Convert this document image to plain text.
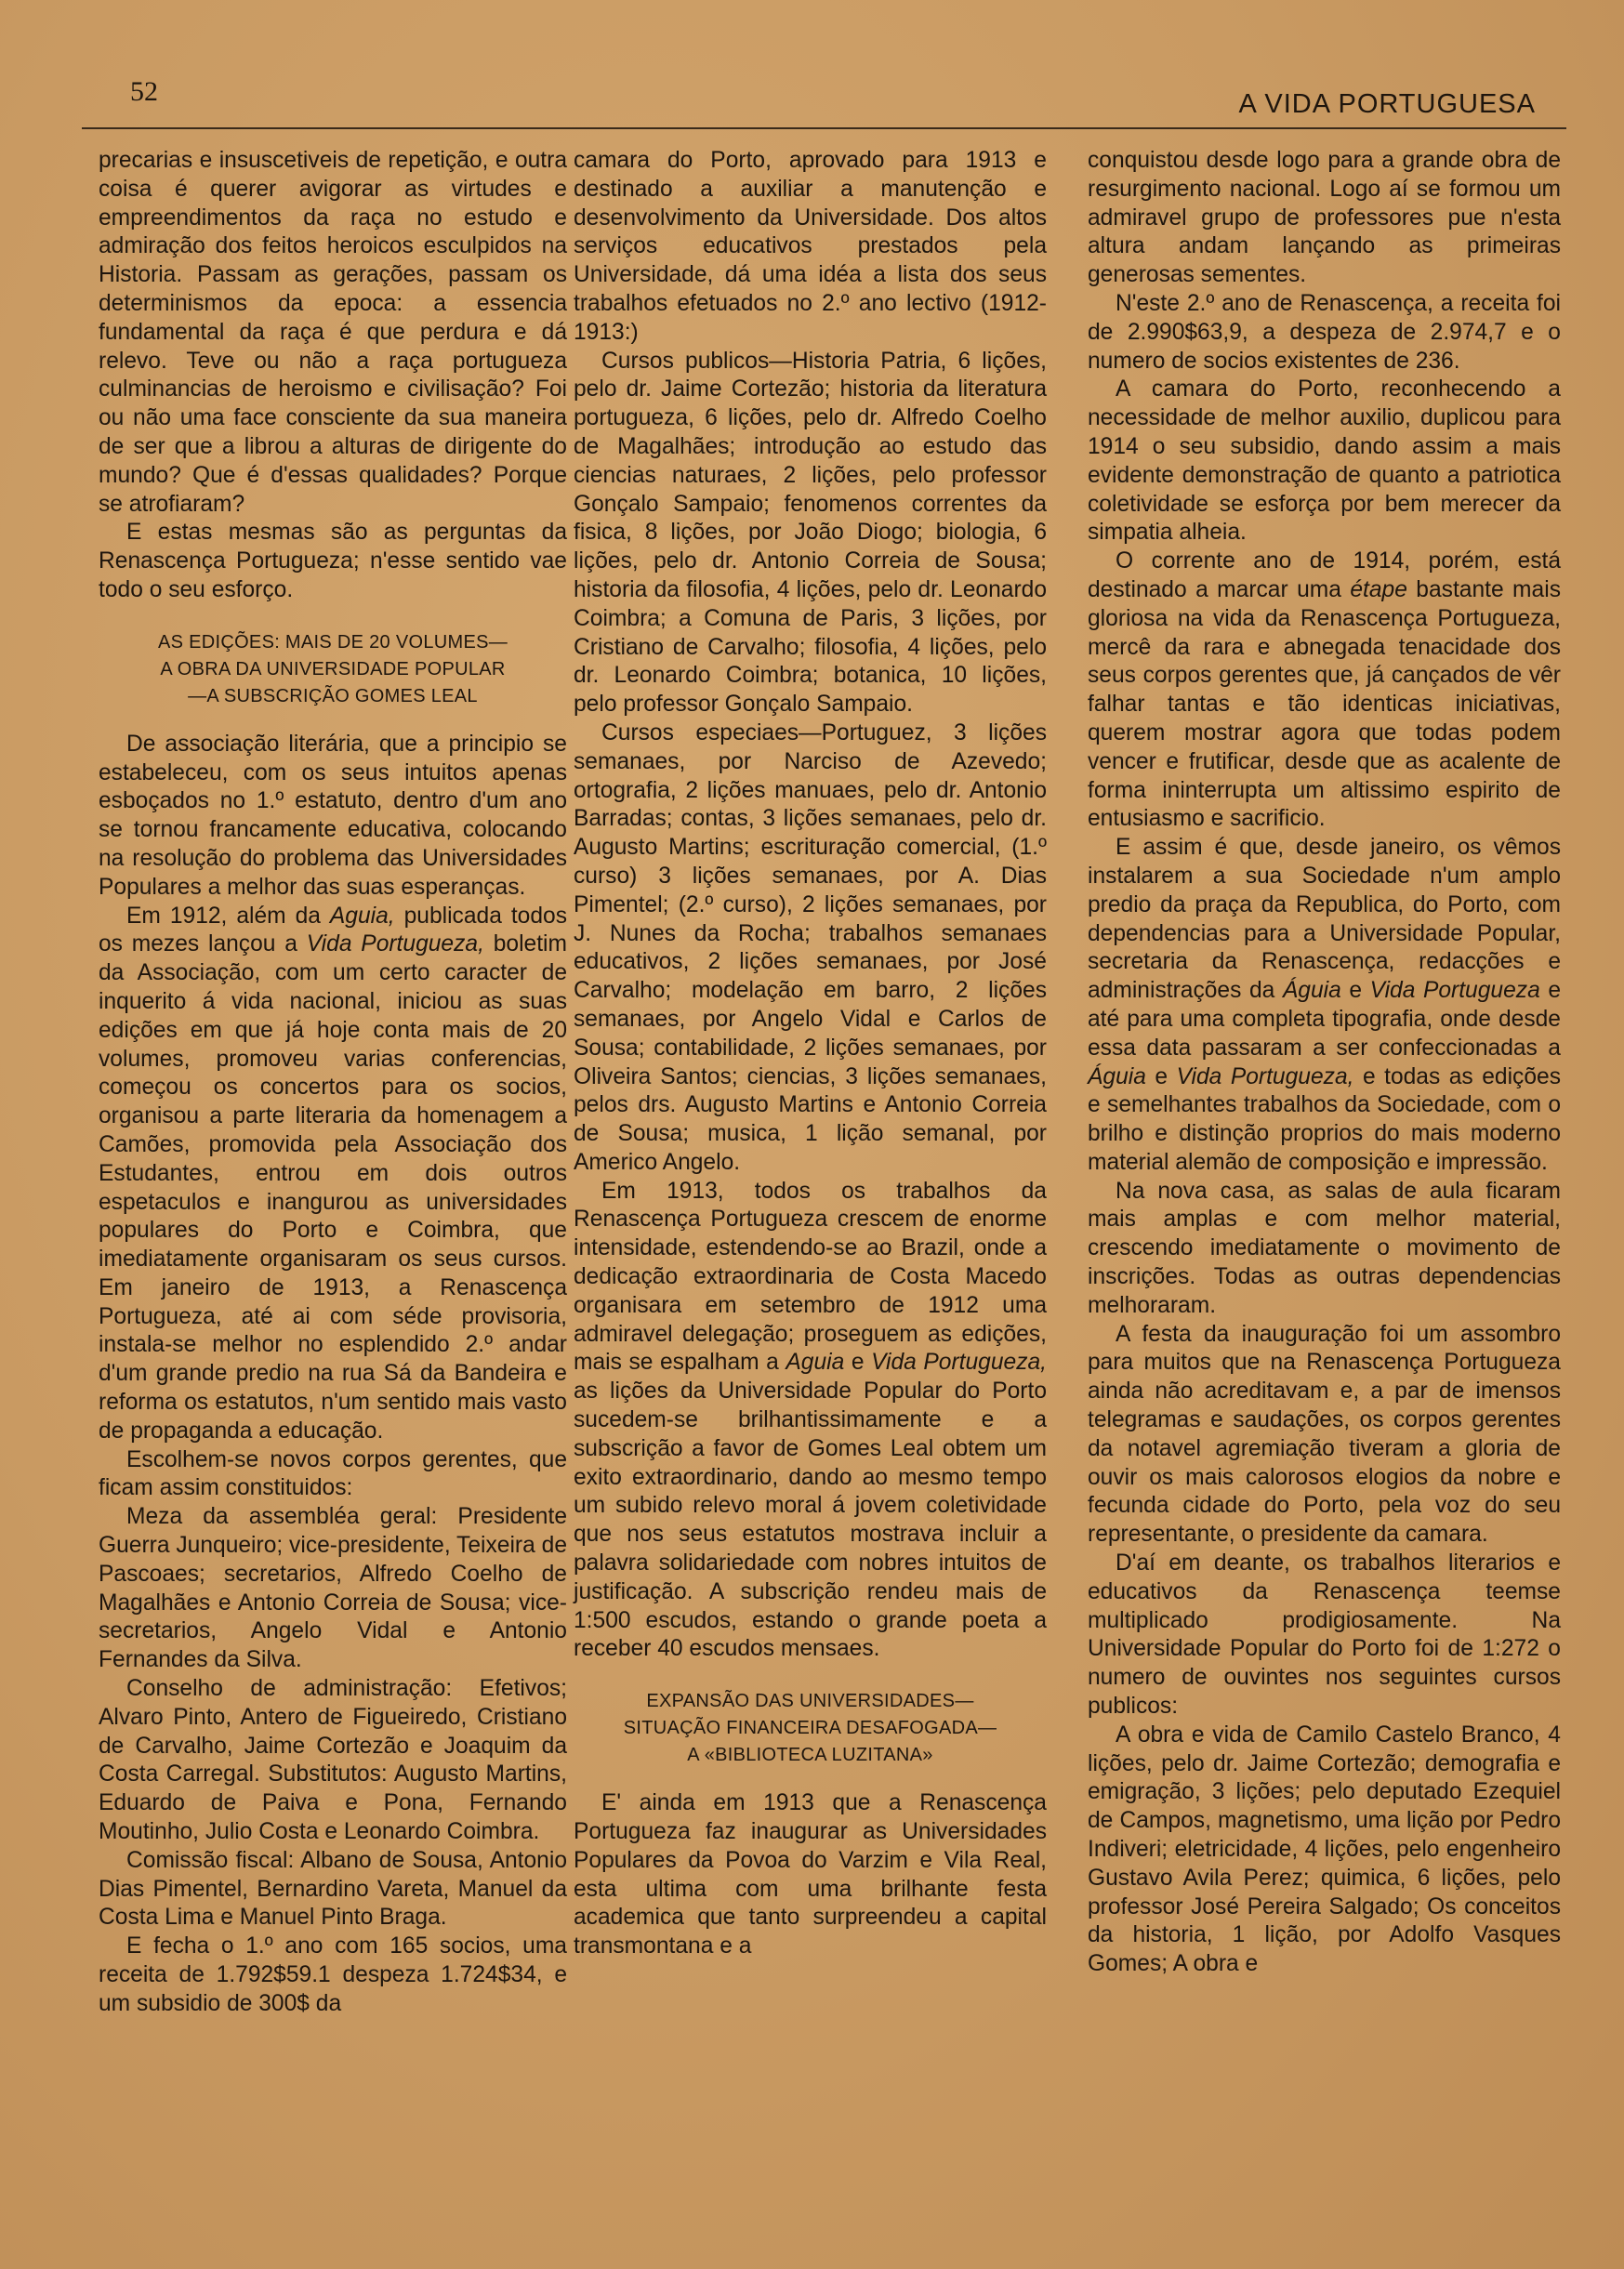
52	A VIDA PORTUGUESA

precarias e insuscetiveis de repetição, e outra coisa é querer avigorar as virtudes e empreendimentos da raça no estudo e admiração dos feitos heroicos esculpidos na Historia. Passam as gerações, passam os determinismos da epoca: a essencia fundamental da raça é que perdura e dá relevo. Teve ou não a raça portugueza culminancias de heroismo e civilisação? Foi ou não uma face consciente da sua maneira de ser que a librou a alturas de dirigente do mundo? Que é d'essas qualidades? Porque se atrofiaram?

E estas mesmas são as perguntas da Renascença Portugueza; n'esse sentido vae todo o seu esforço.

AS EDIÇÕES: MAIS DE 20 VOLUMES—
A OBRA DA UNIVERSIDADE POPULAR
—A SUBSCRIÇÃO GOMES LEAL

De associação literária, que a principio se estabeleceu, com os seus intuitos apenas esboçados no 1.º estatuto, dentro d'um ano se tornou francamente educativa, colocando na resolução do problema das Universidades Populares a melhor das suas esperanças.

Em 1912, além da Aguia, publicada todos os mezes lançou a Vida Portugueza, boletim da Associação, com um certo caracter de inquerito á vida nacional, iniciou as suas edições em que já hoje conta mais de 20 volumes, promoveu varias conferencias, começou os concertos para os socios, organisou a parte literaria da homenagem a Camões, promovida pela Associação dos Estudantes, entrou em dois outros espetaculos e inangurou as universidades populares do Porto e Coimbra, que imediatamente organisaram os seus cursos. Em janeiro de 1913, a Renascença Portugueza, até ai com séde provisoria, instala-se melhor no esplendido 2.º andar d'um grande predio na rua Sá da Bandeira e reforma os estatutos, n'um sentido mais vasto de propaganda a educação.

Escolhem-se novos corpos gerentes, que ficam assim constituidos:

Meza da assembléa geral: Presidente Guerra Junqueiro; vice-presidente, Teixeira de Pascoaes; secretarios, Alfredo Coelho de Magalhães e Antonio Correia de Sousa; vice-secretarios, Angelo Vidal e Antonio Fernandes da Silva.

Conselho de administração: Efetivos; Alvaro Pinto, Antero de Figueiredo, Cristiano de Carvalho, Jaime Cortezão e Joaquim da Costa Carregal. Substitutos: Augusto Martins, Eduardo de Paiva e Pona, Fernando Moutinho, Julio Costa e Leonardo Coimbra.

Comissão fiscal: Albano de Sousa, Antonio Dias Pimentel, Bernardino Vareta, Manuel da Costa Lima e Manuel Pinto Braga.

E fecha o 1.º ano com 165 socios, uma receita de 1.792$59.1 despeza 1.724$34, e um subsidio de 300$ da

camara do Porto, aprovado para 1913 e destinado a auxiliar a manutenção e desenvolvimento da Universidade. Dos altos serviços educativos prestados pela Universidade, dá uma idéa a lista dos seus trabalhos efetuados no 2.º ano lectivo (1912-1913:)

Cursos publicos—Historia Patria, 6 lições, pelo dr. Jaime Cortezão; historia da literatura portugueza, 6 lições, pelo dr. Alfredo Coelho de Magalhães; introdução ao estudo das ciencias naturaes, 2 lições, pelo professor Gonçalo Sampaio; fenomenos correntes da fisica, 8 lições, por João Diogo; biologia, 6 lições, pelo dr. Antonio Correia de Sousa; historia da filosofia, 4 lições, pelo dr. Leonardo Coimbra; a Comuna de Paris, 3 lições, por Cristiano de Carvalho; filosofia, 4 lições, pelo dr. Leonardo Coimbra; botanica, 10 lições, pelo professor Gonçalo Sampaio.

Cursos especiaes—Portuguez, 3 lições semanaes, por Narciso de Azevedo; ortografia, 2 lições manuaes, pelo dr. Antonio Barradas; contas, 3 lições semanaes, pelo dr. Augusto Martins; escrituração comercial, (1.º curso) 3 lições semanaes, por A. Dias Pimentel; (2.º curso), 2 lições semanaes, por J. Nunes da Rocha; trabalhos semanaes educativos, 2 lições semanaes, por José Carvalho; modelação em barro, 2 lições semanaes, por Angelo Vidal e Carlos de Sousa; contabilidade, 2 lições semanaes, por Oliveira Santos; ciencias, 3 lições semanaes, pelos drs. Augusto Martins e Antonio Correia de Sousa; musica, 1 lição semanal, por Americo Angelo.

Em 1913, todos os trabalhos da Renascença Portugueza crescem de enorme intensidade, estendendo-se ao Brazil, onde a dedicação extraordinaria de Costa Macedo organisara em setembro de 1912 uma admiravel delegação; proseguem as edições, mais se espalham a Aguia e Vida Portugueza, as lições da Universidade Popular do Porto sucedem-se brilhantissimamente e a subscrição a favor de Gomes Leal obtem um exito extraordinario, dando ao mesmo tempo um subido relevo moral á jovem coletividade que nos seus estatutos mostrava incluir a palavra solidariedade com nobres intuitos de justificação. A subscrição rendeu mais de 1:500 escudos, estando o grande poeta a receber 40 escudos mensaes.

EXPANSÃO DAS UNIVERSIDADES—
SITUAÇÃO FINANCEIRA DESAFOGADA—
A «BIBLIOTECA LUZITANA»

E' ainda em 1913 que a Renascença Portugueza faz inaugurar as Universidades Populares da Povoa do Varzim e Vila Real, esta ultima com uma brilhante festa academica que tanto surpreendeu a capital transmontana e a

conquistou desde logo para a grande obra de resurgimento nacional. Logo aí se formou um admiravel grupo de professores pue n'esta altura andam lançando as primeiras generosas sementes.

N'este 2.º ano de Renascença, a receita foi de 2.990$63,9, a despeza de 2.974,7 e o numero de socios existentes de 236.

A camara do Porto, reconhecendo a necessidade de melhor auxilio, duplicou para 1914 o seu subsidio, dando assim a mais evidente demonstração de quanto a patriotica coletividade se esforça por bem merecer da simpatia alheia.

O corrente ano de 1914, porém, está destinado a marcar uma étape bastante mais gloriosa na vida da Renascença Portugueza, mercê da rara e abnegada tenacidade dos seus corpos gerentes que, já cançados de vêr falhar tantas e tão identicas iniciativas, querem mostrar agora que todas podem vencer e frutificar, desde que as acalente de forma ininterrupta um altissimo espirito de entusiasmo e sacrificio.

E assim é que, desde janeiro, os vêmos instalarem a sua Sociedade n'um amplo predio da praça da Republica, do Porto, com dependencias para a Universidade Popular, secretaria da Renascença, redacções e administrações da Águia e Vida Portugueza e até para uma completa tipografia, onde desde essa data passaram a ser confeccionadas a Águia e Vida Portugueza, e todas as edições e semelhantes trabalhos da Sociedade, com o brilho e distinção proprios do mais moderno material alemão de composição e impressão.

Na nova casa, as salas de aula ficaram mais amplas e com melhor material, crescendo imediatamente o movimento de inscrições. Todas as outras dependencias melhoraram.

A festa da inauguração foi um assombro para muitos que na Renascença Portugueza ainda não acreditavam e, a par de imensos telegramas e saudações, os corpos gerentes da notavel agremiação tiveram a gloria de ouvir os mais calorosos elogios da nobre e fecunda cidade do Porto, pela voz do seu representante, o presidente da camara.

D'aí em deante, os trabalhos literarios e educativos da Renascença teemse multiplicado prodigiosamente. Na Universidade Popular do Porto foi de 1:272 o numero de ouvintes nos seguintes cursos publicos:

A obra e vida de Camilo Castelo Branco, 4 lições, pelo dr. Jaime Cortezão; demografia e emigração, 3 lições; pelo deputado Ezequiel de Campos, magnetismo, uma lição por Pedro Indiveri; eletricidade, 4 lições, pelo engenheiro Gustavo Avila Perez; quimica, 6 lições, pelo professor José Pereira Salgado; Os conceitos da historia, 1 lição, por Adolfo Vasques Gomes; A obra e
